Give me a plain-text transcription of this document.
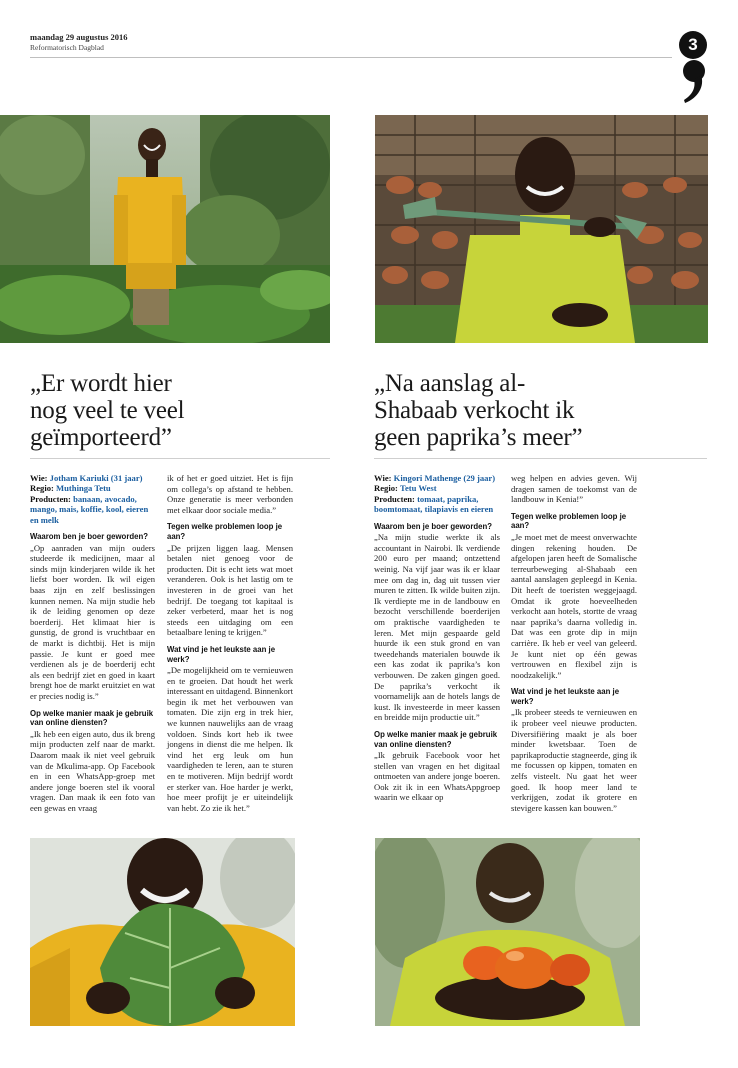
maandag 29 augustus 2016
Reformatorisch Dagblad	3
„Er wordt hier
nog veel te veel
geïmporteerd”
„Na aanslag al-
Shabaab verkocht ik
geen paprika’s meer”
Wie: Jotham Kariuki (31 jaar)
Regio: Muthinga Tetu
Producten: banaan, avocado, mango, mais, koffie, kool, eieren en melk
Waarom ben je boer geworden?

„Op aanraden van mijn ouders studeerde ik medicijnen, maar al sinds mijn kinderjaren wilde ik het liefst boer worden. Ik wil eigen baas zijn en zelf beslissingen kunnen nemen. Na mijn studie heb ik de leiding genomen op deze boerderij. Het klimaat hier is gunstig, de grond is vruchtbaar en de markt is dichtbij. Het is mijn passie. Je kunt er goed mee verdienen als je de boerderij echt als een bedrijf ziet en goed in kaart brengt hoe de markt eruitziet en wat er precies nodig is.”

Op welke manier maak je gebruik van online diensten?

„Ik heb een eigen auto, dus ik breng mijn producten zelf naar de markt. Daarom maak ik niet veel gebruik van de Mkulima-app. Op Facebook en in een WhatsApp-groep met andere jonge boeren stel ik vooral vragen. Dan maak ik een foto van een gewas en vraag

ik of het er goed uitziet. Het is fijn om collega’s op afstand te hebben. Onze generatie is meer verbonden met elkaar door sociale media.”

Tegen welke problemen loop je aan?

„De prijzen liggen laag. Mensen betalen niet genoeg voor de producten. Dit is echt iets wat moet veranderen. Ook is het lastig om te investeren in de groei van het bedrijf. De toegang tot kapitaal is zeker verbeterd, maar het is nog steeds een uitdaging om een betaalbare lening te krijgen.”

Wat vind je het leukste aan je werk?

„De mogelijkheid om te vernieuwen en te groeien. Dat houdt het werk interessant en uitdagend. Binnenkort begin ik met het verbouwen van tomaten. Die zijn erg in trek hier, we kunnen nauwelijks aan de vraag voldoen. Sinds kort heb ik twee jongens in dienst die me helpen. Ik vind het erg leuk om hun vaardigheden te leren, aan te sturen en te motiveren. Mijn bedrijf wordt er sterker van. Hoe harder je werkt, hoe meer profijt je er uiteindelijk van hebt. Zo zie ik het.”

Wie: Kingori Mathenge (29 jaar)
Regio: Tetu West
Producten: tomaat, paprika, boomtomaat, tilapiavis en eieren
Waarom ben je boer geworden?

„Na mijn studie werkte ik als accountant in Nairobi. Ik verdiende 200 euro per maand; ontzettend weinig. Na vijf jaar was ik er klaar mee om dag in, dag uit tussen vier muren te zitten. Ik wilde buiten zijn. Ik verdiepte me in de landbouw en bezocht verschillende boerderijen om praktische vaardigheden te leren. Met mijn gespaarde geld huurde ik een stuk grond en van tweedehands materialen bouwde ik een kas zodat ik paprika’s kon verbouwen. De zaken gingen goed. De paprika’s verkocht ik voornamelijk aan de hotels langs de kust. Ik investeerde in meer kassen en breidde mijn productie uit.”

Op welke manier maak je gebruik van online diensten?

„Ik gebruik Facebook voor het stellen van vragen en het digitaal ontmoeten van andere jonge boeren. Ook zit ik in een WhatsAppgroep waarin we elkaar op

weg helpen en advies geven. Wij dragen samen de toekomst van de landbouw in Kenia!”

Tegen welke problemen loop je aan?

„Je moet met de meest onverwachte dingen rekening houden. De afgelopen jaren heeft de Somalische terreurbeweging al-Shabaab een aantal aanslagen gepleegd in Kenia. Dit heeft de toeristen weggejaagd. Omdat ik grote hoeveelheden verkocht aan hotels, stortte de vraag naar paprika’s daarna volledig in. Dat was een grote dip in mijn carrière. Ik heb er veel van geleerd. Je kunt niet op één gewas vertrouwen en flexibel zijn is noodzakelijk.”

Wat vind je het leukste aan je werk?

„Ik probeer steeds te vernieuwen en ik probeer veel nieuwe producten. Diversifiëring maakt je als boer minder kwetsbaar. Toen de paprikaproductie stagneerde, ging ik me focussen op kippen, tomaten en zelfs visteelt. Nu gaat het weer goed. Ik hoop meer land te verkrijgen, zodat ik grotere en stevigere kassen kan bouwen.”
